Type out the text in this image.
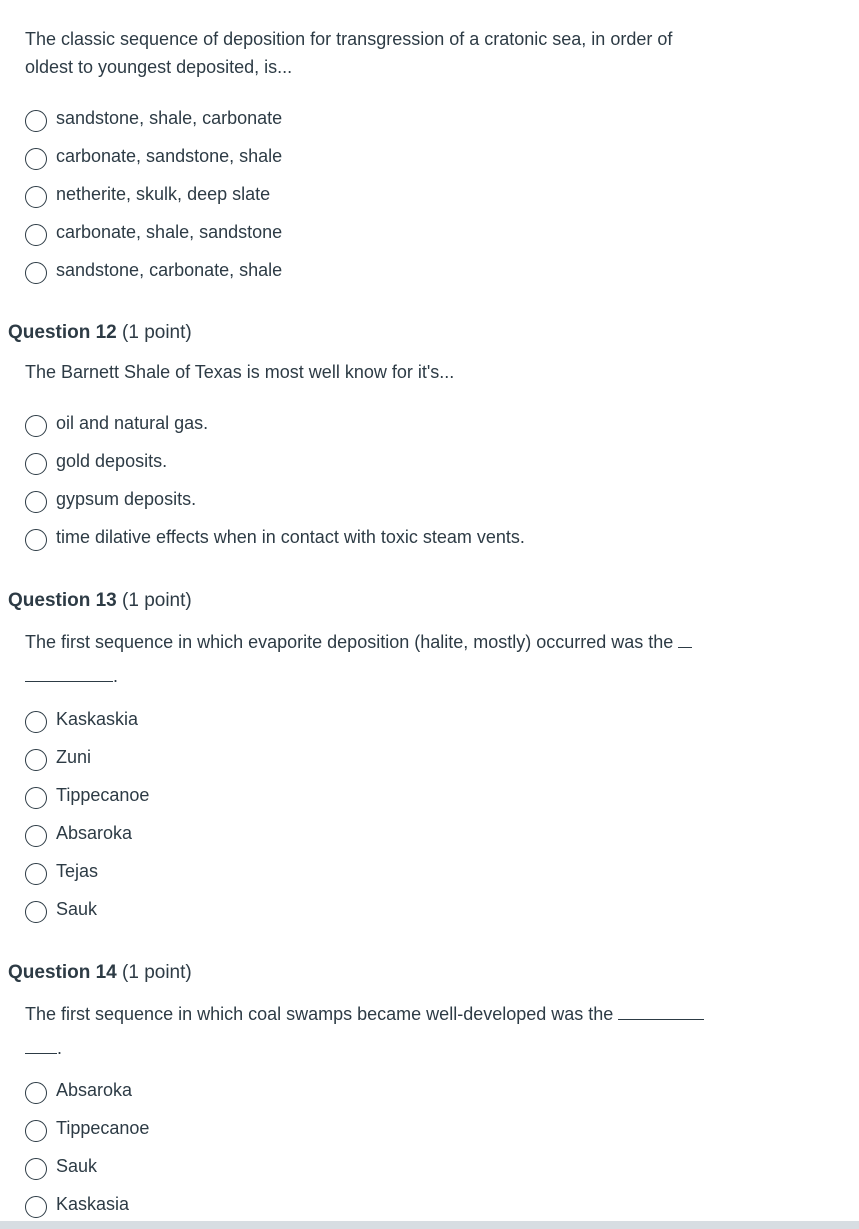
The classic sequence of deposition for transgression of a cratonic sea, in order of
oldest to youngest deposited, is...
sandstone, shale, carbonate
carbonate, sandstone, shale
netherite, skulk, deep slate
carbonate, shale, sandstone
sandstone, carbonate, shale
Question 12 (1 point)
The Barnett Shale of Texas is most well know for it's...
oil and natural gas.
gold deposits.
gypsum deposits.
time dilative effects when in contact with toxic steam vents.
Question 13 (1 point)
The first sequence in which evaporite deposition (halite, mostly) occurred was the
.
Kaskaskia
Zuni
Tippecanoe
Absaroka
Tejas
Sauk
Question 14 (1 point)
The first sequence in which coal swamps became well-developed was the
.
Absaroka
Tippecanoe
Sauk
Kaskasia
